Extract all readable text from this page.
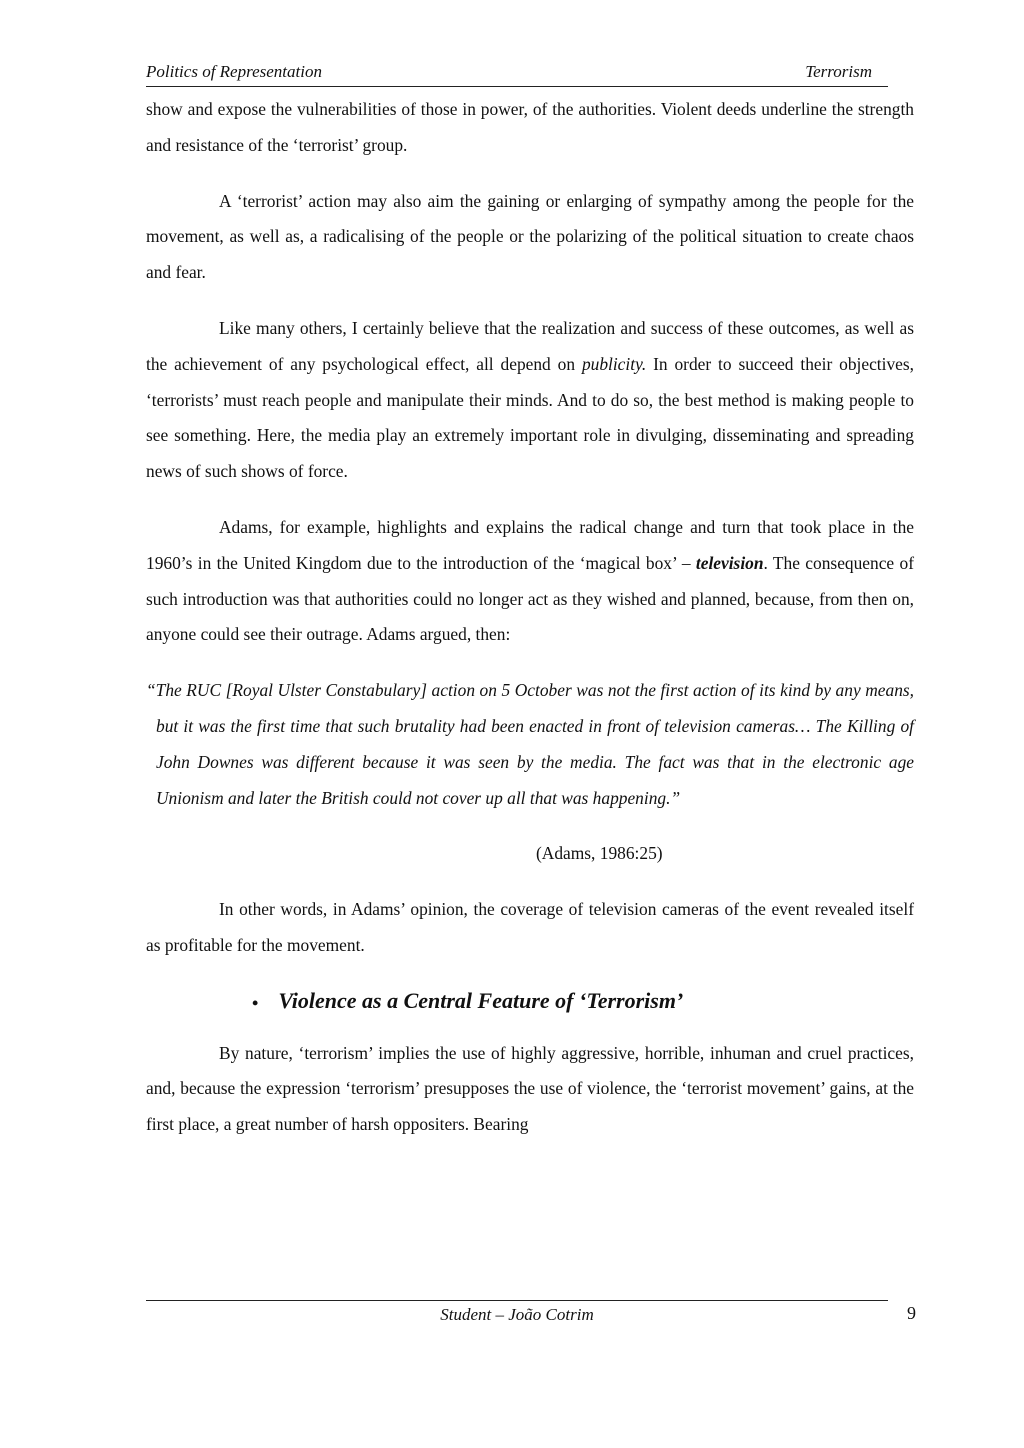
Politics of Representation	Terrorism

show and expose the vulnerabilities of those in power, of the authorities. Violent deeds underline the strength and resistance of the ‘terrorist’ group.

A ‘terrorist’ action may also aim the gaining or enlarging of sympathy among the people for the movement, as well as, a radicalising of the people or the polarizing of the political situation to create chaos and fear.

Like many others, I certainly believe that the realization and success of these outcomes, as well as the achievement of any psychological effect, all depend on publicity. In order to succeed their objectives, ‘terrorists’ must reach people and manipulate their minds. And to do so, the best method is making people to see something. Here, the media play an extremely important role in divulging, disseminating and spreading news of such shows of force.

Adams, for example, highlights and explains the radical change and turn that took place in the 1960’s in the United Kingdom due to the introduction of the ‘magical box’ – television. The consequence of such introduction was that authorities could no longer act as they wished and planned, because, from then on, anyone could see their outrage. Adams argued, then:

“The RUC [Royal Ulster Constabulary] action on 5 October was not the first action of its kind by any means, but it was the first time that such brutality had been enacted in front of television cameras… The Killing of John Downes was different because it was seen by the media. The fact was that in the electronic age Unionism and later the British could not cover up all that was happening.”

(Adams, 1986:25)

In other words, in Adams’ opinion, the coverage of television cameras of the event revealed itself as profitable for the movement.

• Violence as a Central Feature of ‘Terrorism’

By nature, ‘terrorism’ implies the use of highly aggressive, horrible, inhuman and cruel practices, and, because the expression ‘terrorism’ presupposes the use of violence, the ‘terrorist movement’ gains, at the first place, a great number of harsh oppositers. Bearing

Student – João Cotrim	9
